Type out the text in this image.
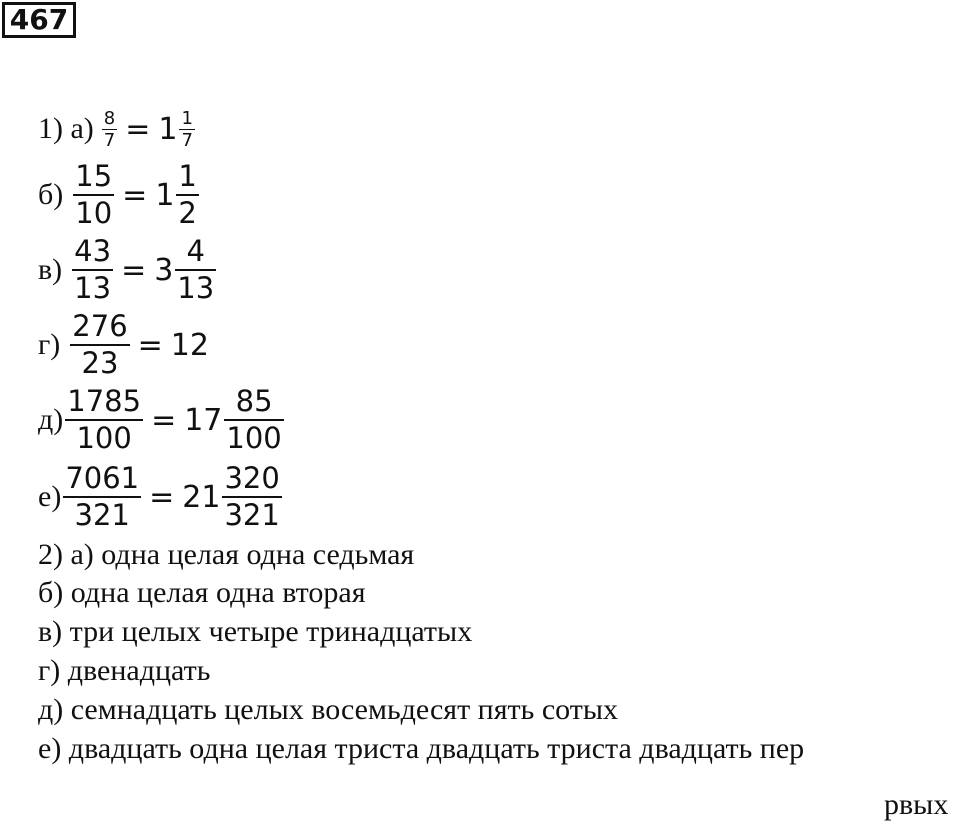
467
1) $а) \frac{8}{7} = 1 \frac{1}{7}$
$б) \frac{15}{10} = 1 \frac{1}{2}$
$в) \frac{43}{13} = 3 \frac{4}{13}$
$г) \frac{276}{23} = 12$
$д) \frac{1785}{100} = 17 \frac{85}{100}$
$е) \frac{7061}{321} = 21 \frac{320}{321}$
2) а) одна целая одна седьмая
б) одна целая одна вторая
в) три целых четыре тринадцатых
г) двенадцать
д) семнадцать целых восемьдесят пять сотых
е) двадцать одна целая триста двадцать триста двадцать пер
рвых
